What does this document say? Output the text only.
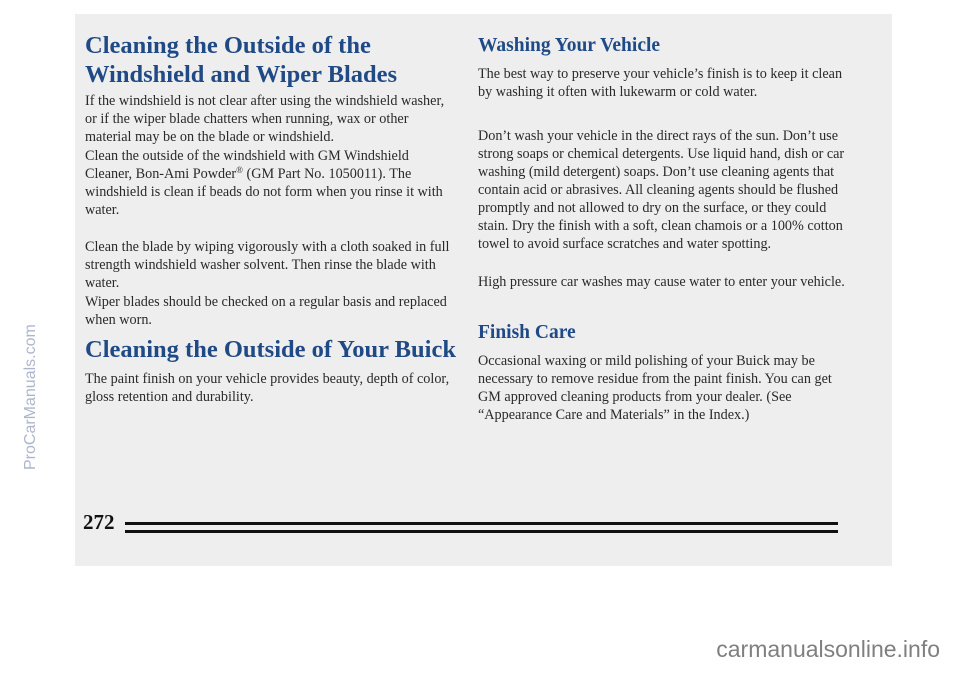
Cleaning the Outside of the
Windshield and Wiper Blades

If the windshield is not clear after using the windshield washer, or if the wiper blade chatters when running, wax or other material may be on the blade or windshield.

Clean the outside of the windshield with GM Windshield Cleaner, Bon-Ami Powder® (GM Part No. 1050011). The windshield is clean if beads do not form when you rinse it with water.

Clean the blade by wiping vigorously with a cloth soaked in full strength windshield washer solvent. Then rinse the blade with water.

Wiper blades should be checked on a regular basis and replaced when worn.

Cleaning the Outside of Your Buick

The paint finish on your vehicle provides beauty, depth of color, gloss retention and durability.

Washing Your Vehicle

The best way to preserve your vehicle’s finish is to keep it clean by washing it often with lukewarm or cold water.

Don’t wash your vehicle in the direct rays of the sun. Don’t use strong soaps or chemical detergents. Use liquid hand, dish or car washing (mild detergent) soaps. Don’t use cleaning agents that contain acid or abrasives. All cleaning agents should be flushed promptly and not allowed to dry on the surface, or they could stain. Dry the finish with a soft, clean chamois or a 100% cotton towel to avoid surface scratches and water spotting.

High pressure car washes may cause water to enter your vehicle.

Finish Care

Occasional waxing or mild polishing of your Buick may be necessary to remove residue from the paint finish. You can get GM approved cleaning products from your dealer. (See “Appearance Care and Materials” in the Index.)

272
ProCarManuals.com
carmanualsonline.info
